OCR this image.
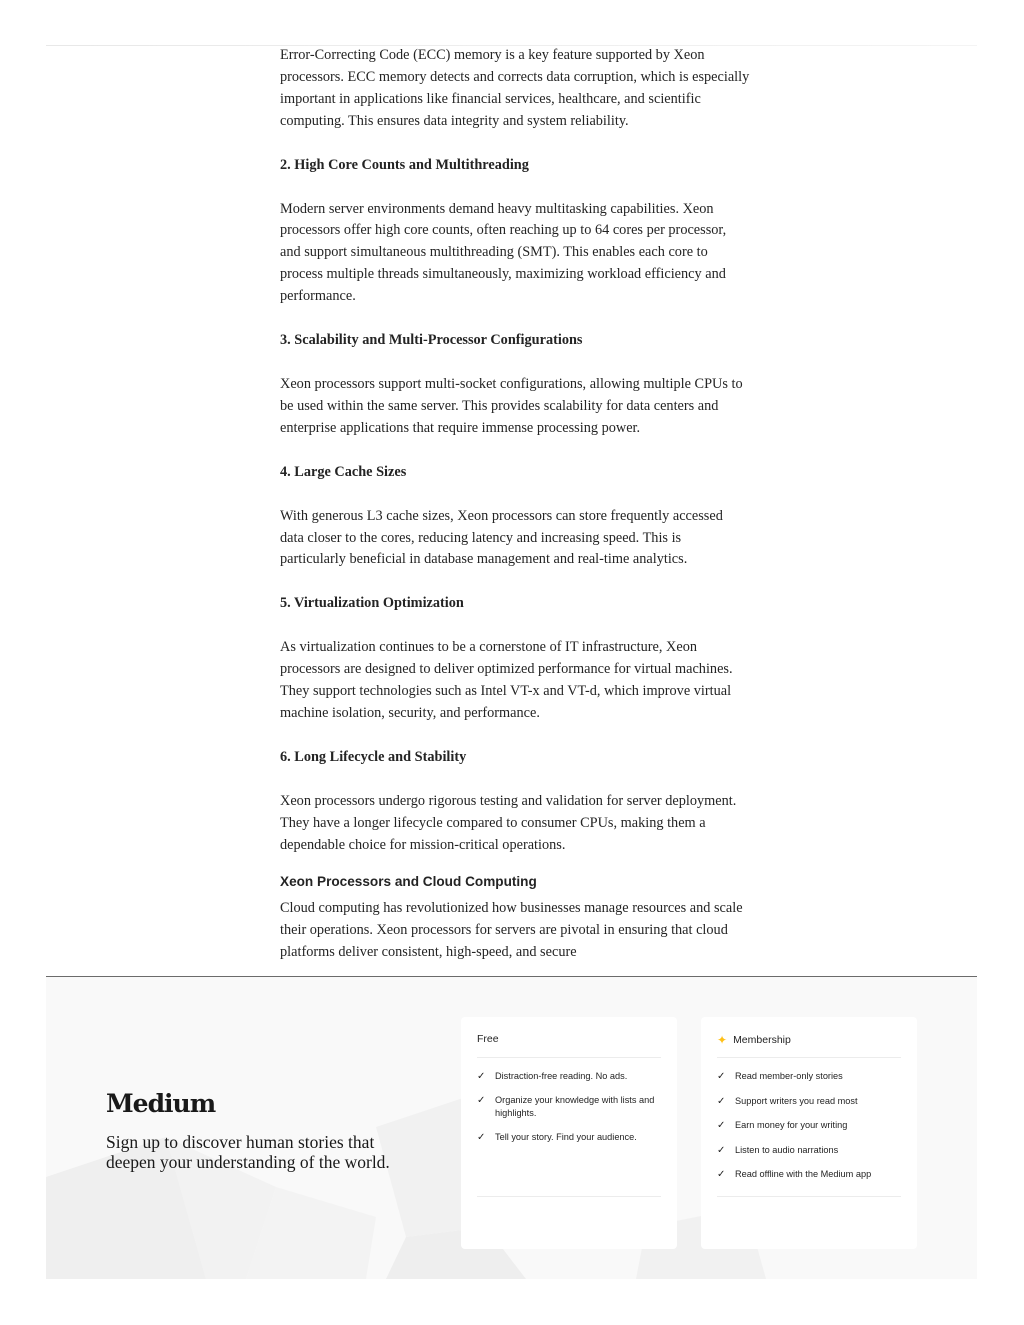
Error-Correcting Code (ECC) memory is a key feature supported by Xeon processors. ECC memory detects and corrects data corruption, which is especially important in applications like financial services, healthcare, and scientific computing. This ensures data integrity and system reliability.

2. High Core Counts and Multithreading

Modern server environments demand heavy multitasking capabilities. Xeon processors offer high core counts, often reaching up to 64 cores per processor, and support simultaneous multithreading (SMT). This enables each core to process multiple threads simultaneously, maximizing workload efficiency and performance.

3. Scalability and Multi-Processor Configurations

Xeon processors support multi-socket configurations, allowing multiple CPUs to be used within the same server. This provides scalability for data centers and enterprise applications that require immense processing power.

4. Large Cache Sizes

With generous L3 cache sizes, Xeon processors can store frequently accessed data closer to the cores, reducing latency and increasing speed. This is particularly beneficial in database management and real-time analytics.

5. Virtualization Optimization

As virtualization continues to be a cornerstone of IT infrastructure, Xeon processors are designed to deliver optimized performance for virtual machines. They support technologies such as Intel VT-x and VT-d, which improve virtual machine isolation, security, and performance.

6. Long Lifecycle and Stability

Xeon processors undergo rigorous testing and validation for server deployment. They have a longer lifecycle compared to consumer CPUs, making them a dependable choice for mission-critical operations.

Xeon Processors and Cloud Computing

Cloud computing has revolutionized how businesses manage resources and scale their operations. Xeon processors for servers are pivotal in ensuring that cloud platforms deliver consistent, high-speed, and secure

Medium
Sign up to discover human stories that deepen your understanding of the world.
Free
✓	Distraction-free reading. No ads.
✓	Organize your knowledge with lists and highlights.
✓	Tell your story. Find your audience.
✦ Membership
✓	Read member-only stories
✓	Support writers you read most
✓	Earn money for your writing
✓	Listen to audio narrations
✓	Read offline with the Medium app
